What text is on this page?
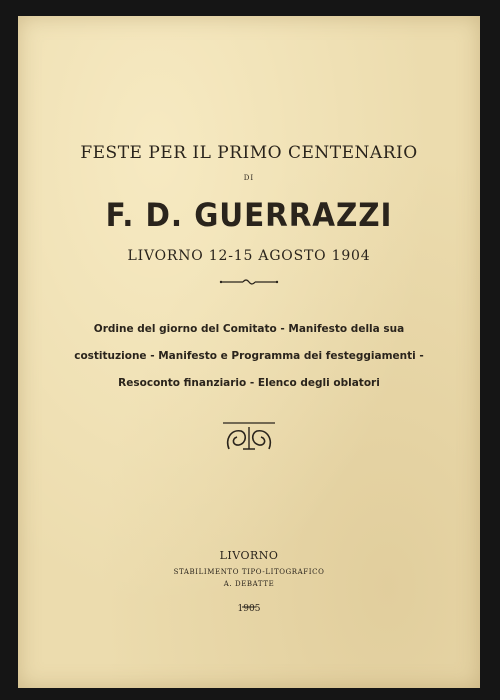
FESTE PER IL PRIMO CENTENARIO
DI
F. D. GUERRAZZI
LIVORNO 12-15 AGOSTO 1904
Ordine del giorno del Comitato - Manifesto della sua
costituzione - Manifesto e Programma dei festeggiamenti -
Resoconto finanziario - Elenco degli oblatori
LIVORNO
STABILIMENTO TIPO-LITOGRAFICO
A. DEBATTE
1905
